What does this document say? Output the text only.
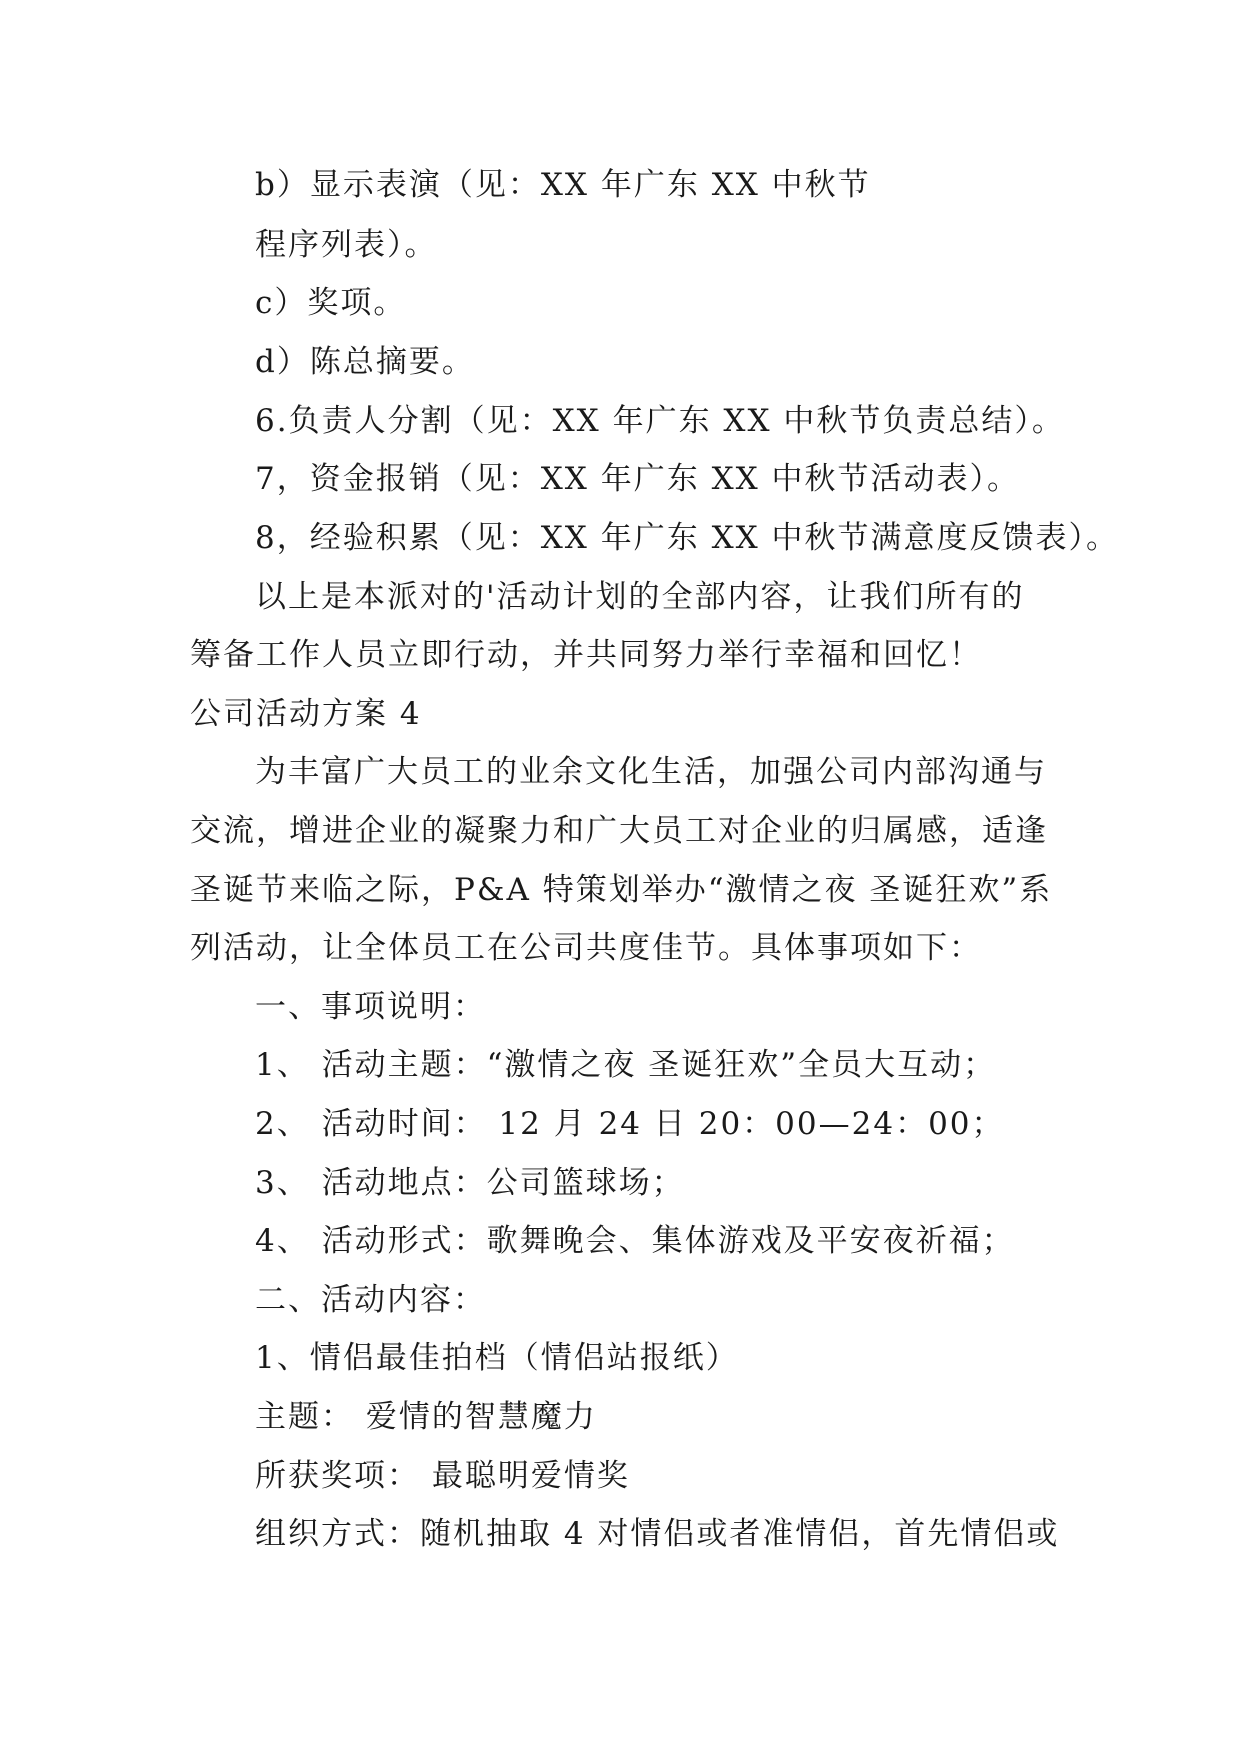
b）显示表演（见：XX 年广东 XX 中秋节
程序列表）。
c）奖项。
d）陈总摘要。
6.负责人分割（见：XX 年广东 XX 中秋节负责总结）。
7，资金报销（见：XX 年广东 XX 中秋节活动表）。
8，经验积累（见：XX 年广东 XX 中秋节满意度反馈表）。
以上是本派对的'活动计划的全部内容，让我们所有的
筹备工作人员立即行动，并共同努力举行幸福和回忆！
公司活动方案 4
为丰富广大员工的业余文化生活，加强公司内部沟通与
交流，增进企业的凝聚力和广大员工对企业的归属感，适逢
圣诞节来临之际，P&A 特策划举办“激情之夜 圣诞狂欢”系
列活动，让全体员工在公司共度佳节。具体事项如下：
一、事项说明：
1、 活动主题：“激情之夜 圣诞狂欢”全员大互动；
2、 活动时间： 12 月 24 日 20：00—24：00；
3、 活动地点：公司篮球场；
4、 活动形式：歌舞晚会、集体游戏及平安夜祈福；
二、活动内容：
1、情侣最佳拍档（情侣站报纸）
主题： 爱情的智慧魔力
所获奖项： 最聪明爱情奖
组织方式：随机抽取 4 对情侣或者准情侣，首先情侣或
